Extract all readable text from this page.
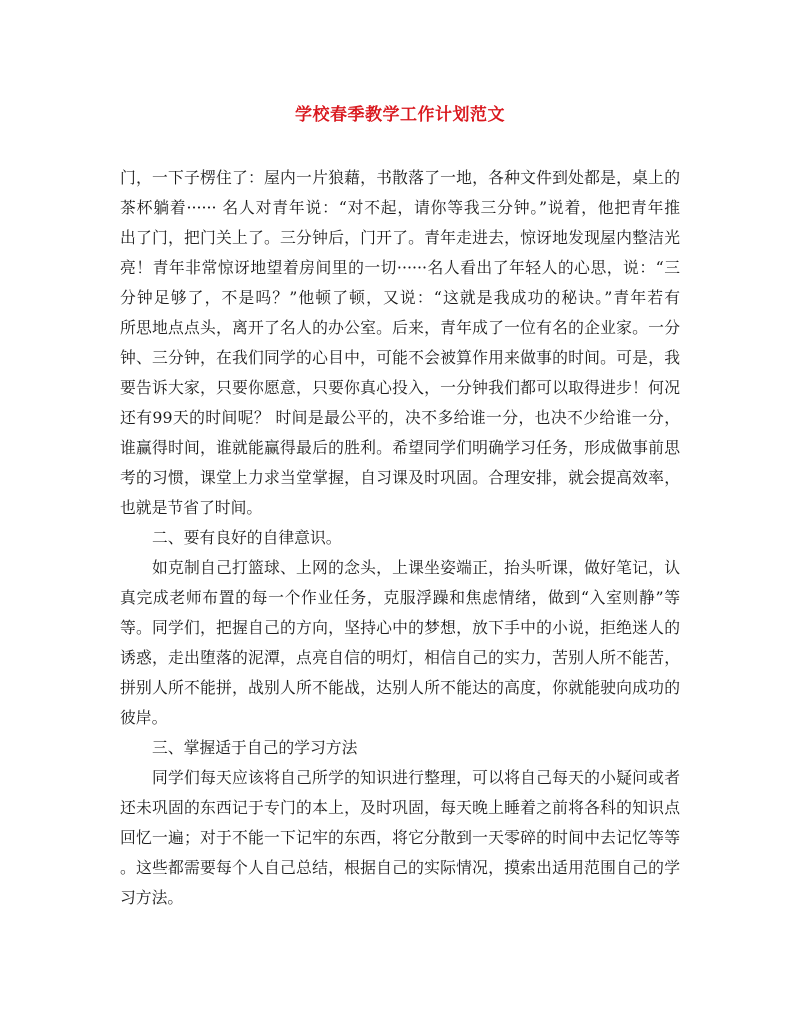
学校春季教学工作计划范文
门，一下子楞住了：屋内一片狼藉，书散落了一地，各种文件到处都是，桌上的
茶杯躺着······ 名人对青年说：“对不起，请你等我三分钟。”说着，他把青年推
出了门，把门关上了。三分钟后，门开了。青年走进去，惊讶地发现屋内整洁光
亮！青年非常惊讶地望着房间里的一切······名人看出了年轻人的心思，说：“三
分钟足够了，不是吗？”他顿了顿，又说：“这就是我成功的秘诀。”青年若有
所思地点点头，离开了名人的办公室。后来，青年成了一位有名的企业家。一分
钟、三分钟，在我们同学的心目中，可能不会被算作用来做事的时间。可是，我
要告诉大家，只要你愿意，只要你真心投入，一分钟我们都可以取得进步！何况
还有99天的时间呢？ 时间是最公平的，决不多给谁一分，也决不少给谁一分，
谁赢得时间，谁就能赢得最后的胜利。希望同学们明确学习任务，形成做事前思
考的习惯，课堂上力求当堂掌握，自习课及时巩固。合理安排，就会提高效率，
也就是节省了时间。
二、要有良好的自律意识。
如克制自己打篮球、上网的念头，上课坐姿端正，抬头听课，做好笔记，认
真完成老师布置的每一个作业任务，克服浮躁和焦虑情绪，做到“入室则静”等
等。同学们，把握自己的方向，坚持心中的梦想，放下手中的小说，拒绝迷人的
诱惑，走出堕落的泥潭，点亮自信的明灯，相信自己的实力，苦别人所不能苦，
拼别人所不能拼，战别人所不能战，达别人所不能达的高度，你就能驶向成功的
彼岸。
三、掌握适于自己的学习方法
同学们每天应该将自己所学的知识进行整理，可以将自己每天的小疑问或者
还未巩固的东西记于专门的本上，及时巩固，每天晚上睡着之前将各科的知识点
回忆一遍；对于不能一下记牢的东西，将它分散到一天零碎的时间中去记忆等等
。这些都需要每个人自己总结，根据自己的实际情况，摸索出适用范围自己的学
习方法。
